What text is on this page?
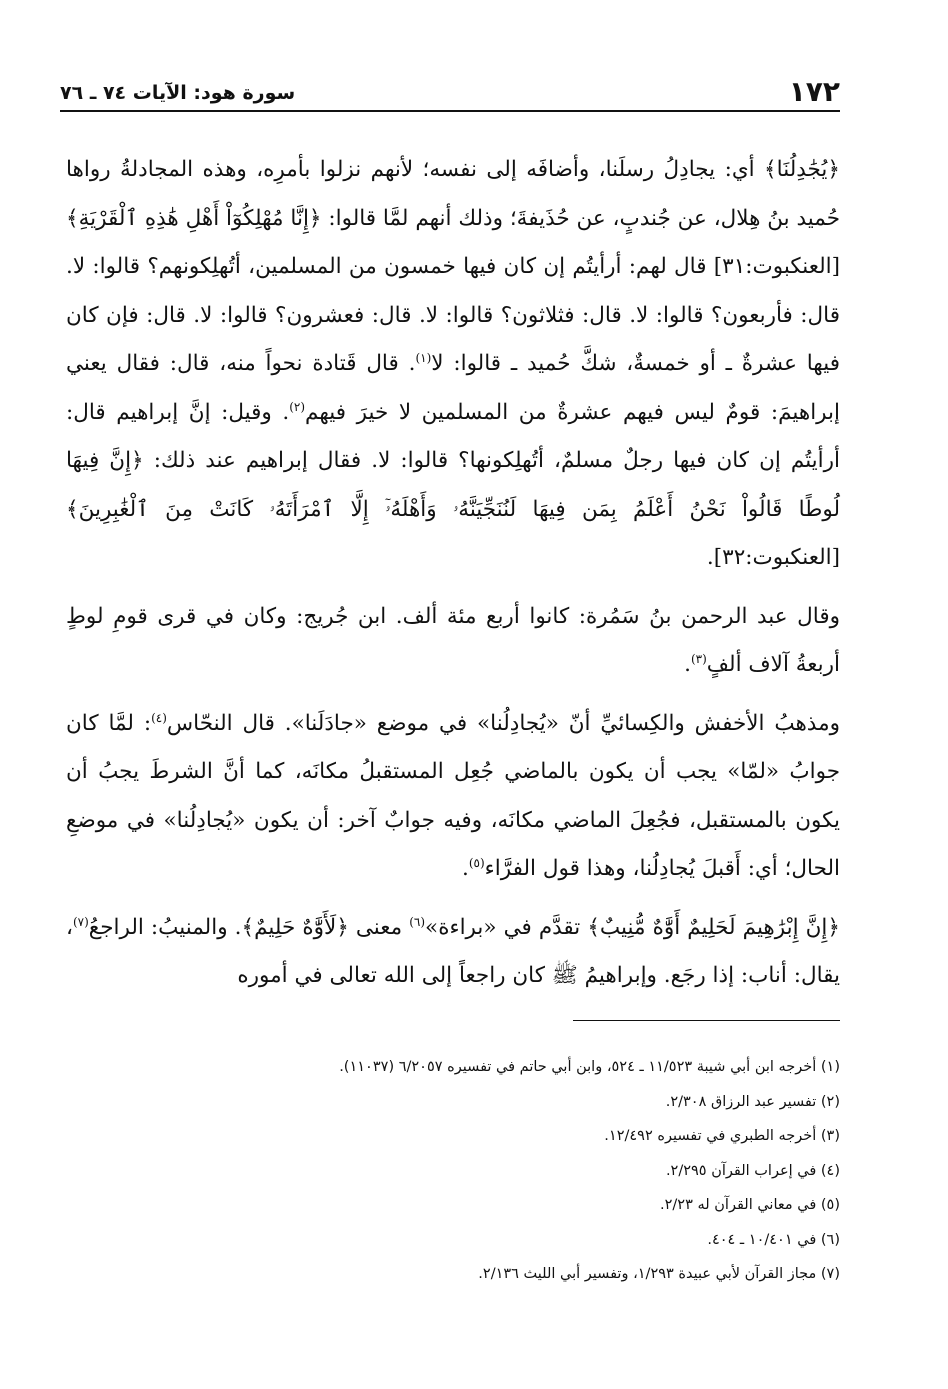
سورة هود: الآيات ٧٤ ـ ٧٦	١٧٢

﴿يُجَٰدِلُنَا﴾ أي: يجادِلُ رسلَنا، وأضافَه إلى نفسه؛ لأنهم نزلوا بأمرِه، وهذه المجادلةُ رواها حُميد بنُ هِلال، عن جُندبٍ، عن حُذَيفةَ؛ وذلك أنهم لمَّا قالوا: ﴿إِنَّا مُهْلِكُوٓاْ أَهْلِ هَٰذِهِ ٱلْقَرْيَةِ﴾ [العنكبوت:٣١] قال لهم: أرأيتُم إن كان فيها خمسون من المسلمين، أتُهلِكونهم؟ قالوا: لا. قال: فأربعون؟ قالوا: لا. قال: فثلاثون؟ قالوا: لا. قال: فعشرون؟ قالوا: لا. قال: فإن كان فيها عشرةٌ ـ أو خمسةٌ، شكَّ حُميد ـ قالوا: لا$^{(١)}$. قال قَتادة نحواً منه، قال: فقال يعني إبراهيمَ: قومٌ ليس فيهم عشرةٌ من المسلمين لا خيرَ فيهم$^{(٢)}$. وقيل: إنَّ إبراهيم قال: أرأيتُم إن كان فيها رجلٌ مسلمٌ، أتُهلِكونها؟ قالوا: لا. فقال إبراهيم عند ذلك: ﴿إِنَّ فِيهَا لُوطًا قَالُواْ نَحْنُ أَعْلَمُ بِمَن فِيهَا لَنُنَجِّيَنَّهُۥ وَأَهْلَهُۥٓ إِلَّا ٱمْرَأَتَهُۥ كَانَتْ مِنَ ٱلْغَٰبِرِينَ﴾ [العنكبوت:٣٢].

وقال عبد الرحمن بنُ سَمُرة: كانوا أربع مئة ألف. ابن جُريج: وكان في قرى قومِ لوطٍ أربعةُ آلاف ألفٍ$^{(٣)}$.

ومذهبُ الأخفش والكِسائيِّ أنّ «يُجادِلُنا» في موضع «جادَلَنا». قال النحّاس$^{(٤)}$: لمَّا كان جوابُ «لمّا» يجب أن يكون بالماضي جُعِل المستقبلُ مكانَه، كما أنَّ الشرطَ يجبُ أن يكون بالمستقبل، فجُعِلَ الماضي مكانَه، وفيه جوابٌ آخر: أن يكون «يُجادِلُنا» في موضعِ الحال؛ أي: أَقبلَ يُجادِلُنا، وهذا قول الفرَّاء$^{(٥)}$.

﴿إِنَّ إِبْرَٰهِيمَ لَحَلِيمٌ أَوَّٰهٌ مُّنِيبٌ﴾ تقدَّم في «براءة»$^{(٦)}$ معنى ﴿لَأَوَّٰهٌ حَلِيمٌ﴾. والمنيبُ: الراجعُ$^{(٧)}$، يقال: أناب: إذا رجَع. وإبراهيمُ ﷺ كان راجعاً إلى الله تعالى في أموره

(١) أخرجه ابن أبي شيبة ١١/٥٢٣ ـ ٥٢٤، وابن أبي حاتم في تفسيره ٦/٢٠٥٧ (١١٠٣٧).
(٢) تفسير عبد الرزاق ٢/٣٠٨.
(٣) أخرجه الطبري في تفسيره ١٢/٤٩٢.
(٤) في إعراب القرآن ٢/٢٩٥.
(٥) في معاني القرآن له ٢/٢٣.
(٦) في ١٠/٤٠١ ـ ٤٠٤.
(٧) مجاز القرآن لأبي عبيدة ١/٢٩٣، وتفسير أبي الليث ٢/١٣٦.
